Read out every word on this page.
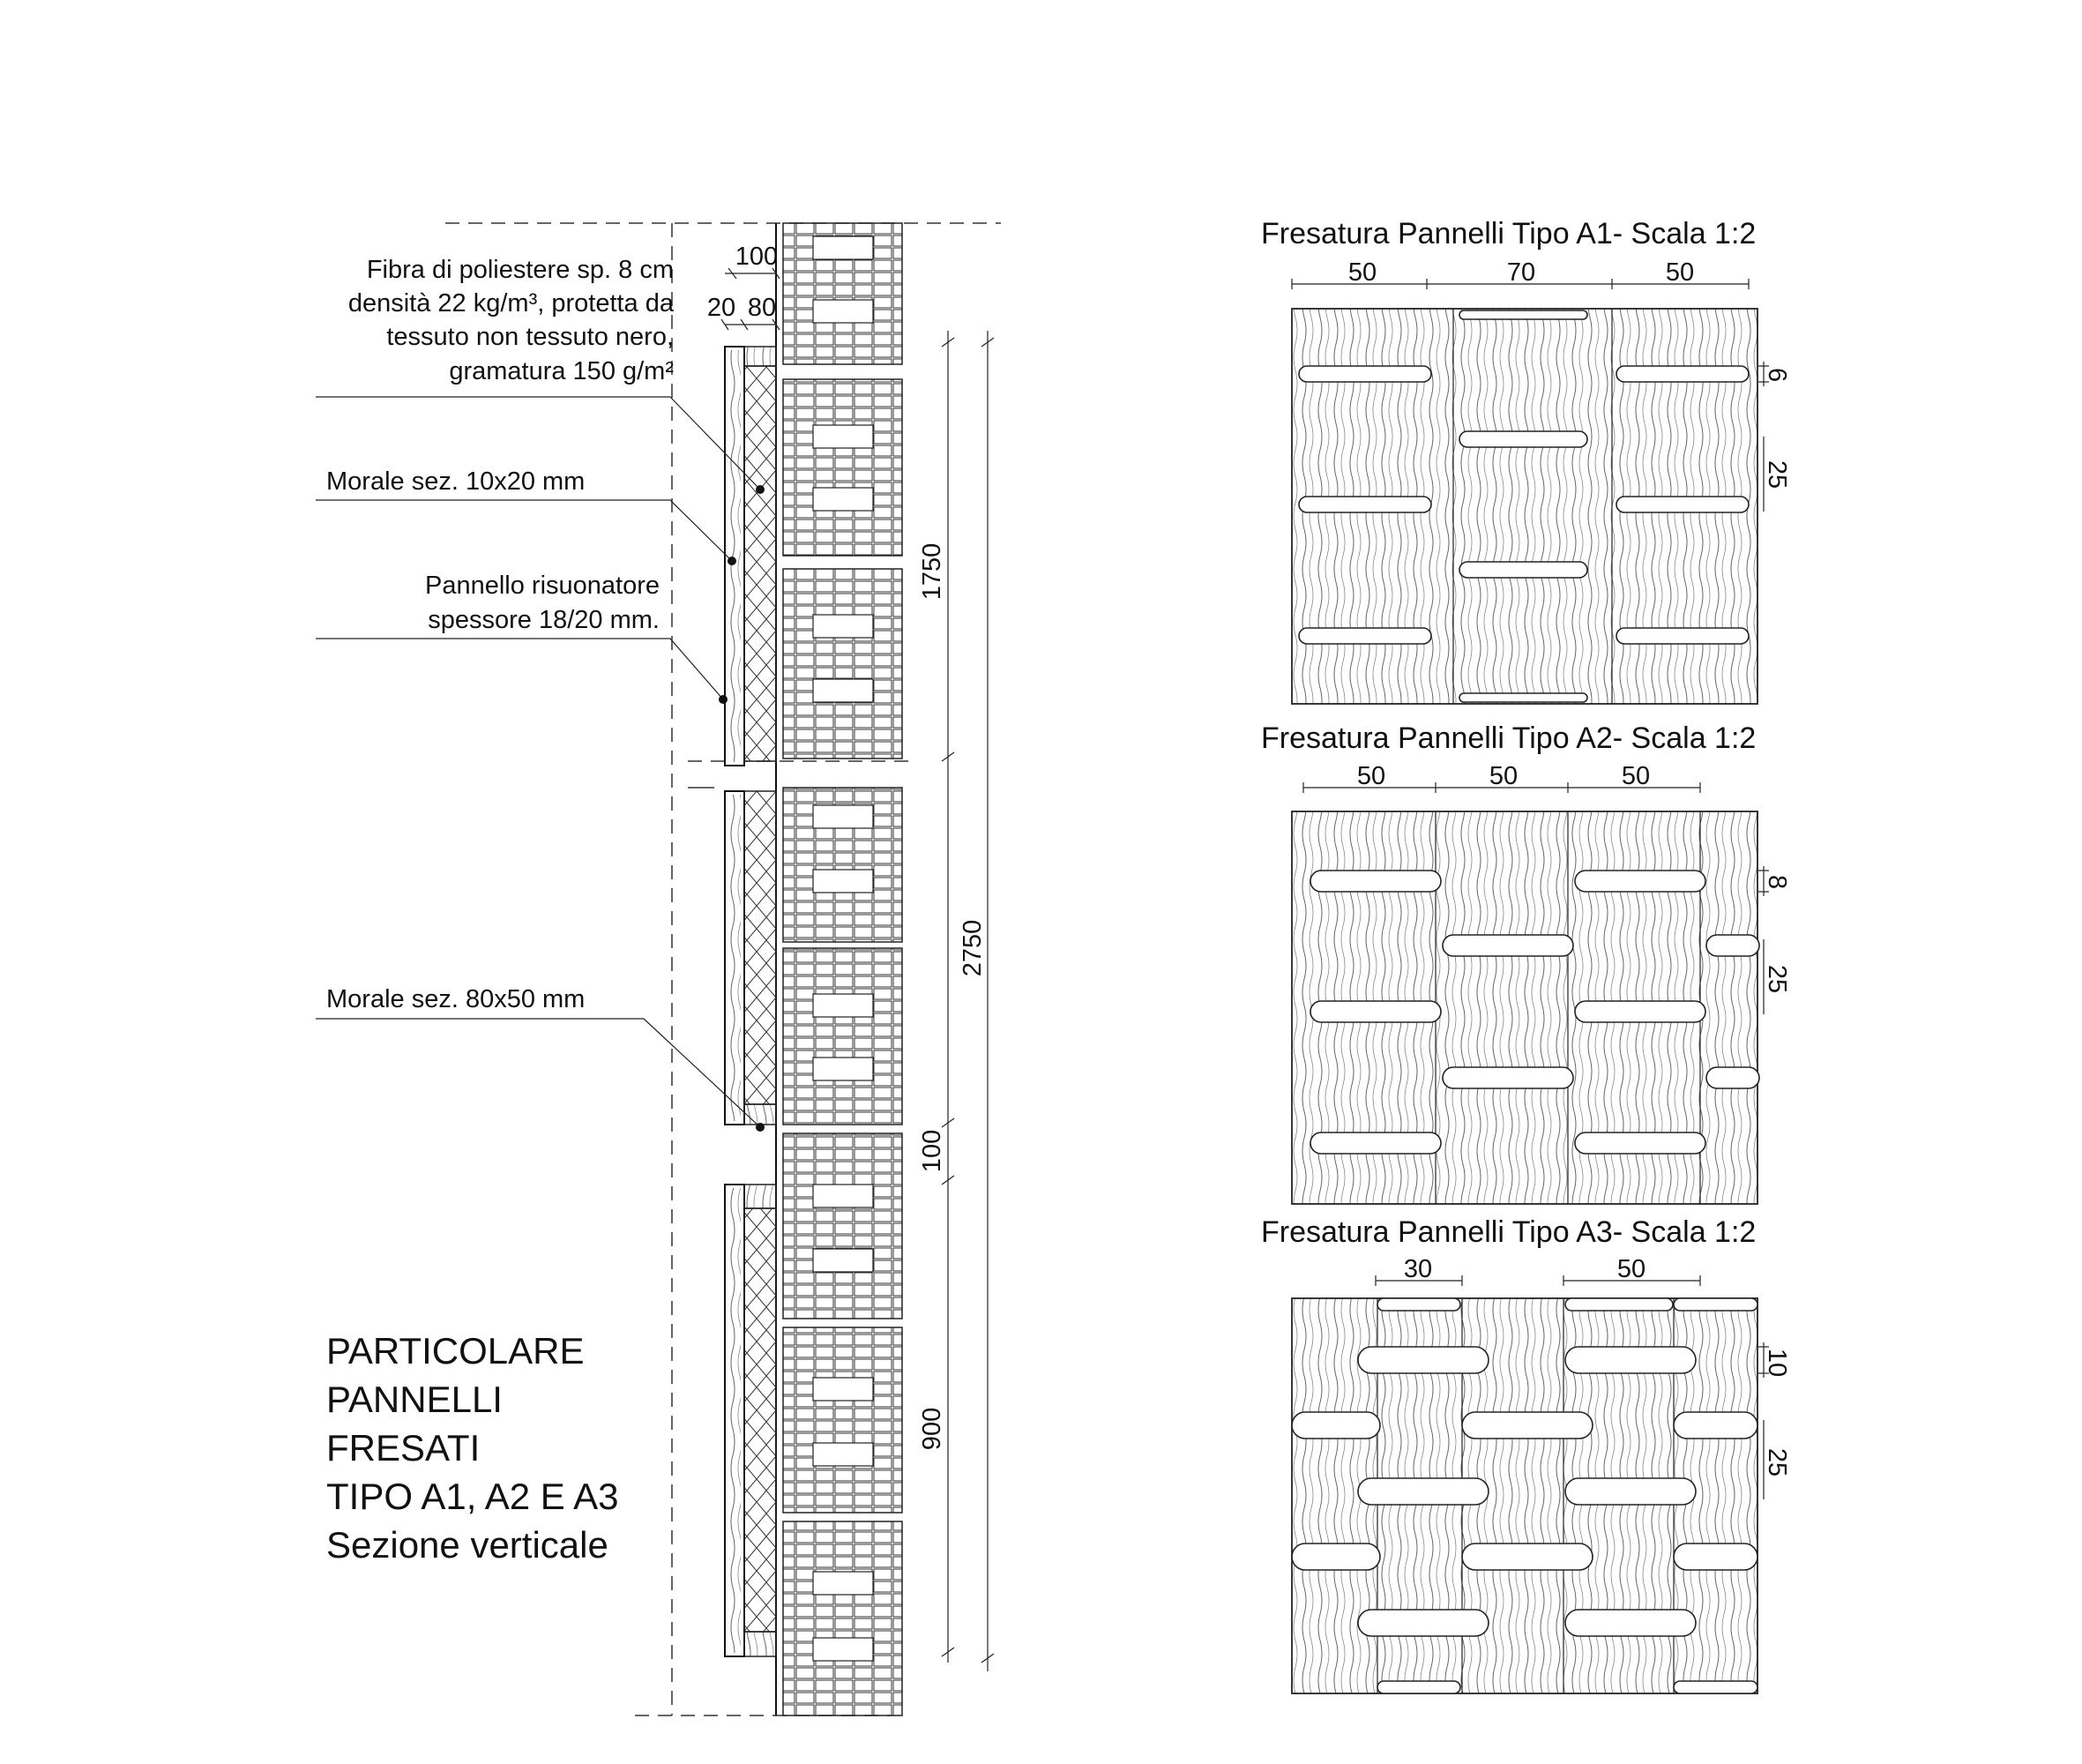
Fibra di poliestere sp. 8 cm
densità 22 kg/m³, protetta da
tessuto non tessuto nero,
gramatura 150 g/m²
Morale sez. 10x20 mm
Pannello risuonatore
spessore 18/20 mm.
Morale sez. 80x50 mm
100
20 80
1750
2750
100
900
PARTICOLARE
PANNELLI
FRESATI
TIPO A1, A2 E A3
Sezione verticale
Fresatura Pannelli Tipo A1- Scala 1:2
50	70	50
6
25
Fresatura Pannelli Tipo A2- Scala 1:2
50	50	50
8
25
Fresatura Pannelli Tipo A3- Scala 1:2
30	50
10
25
